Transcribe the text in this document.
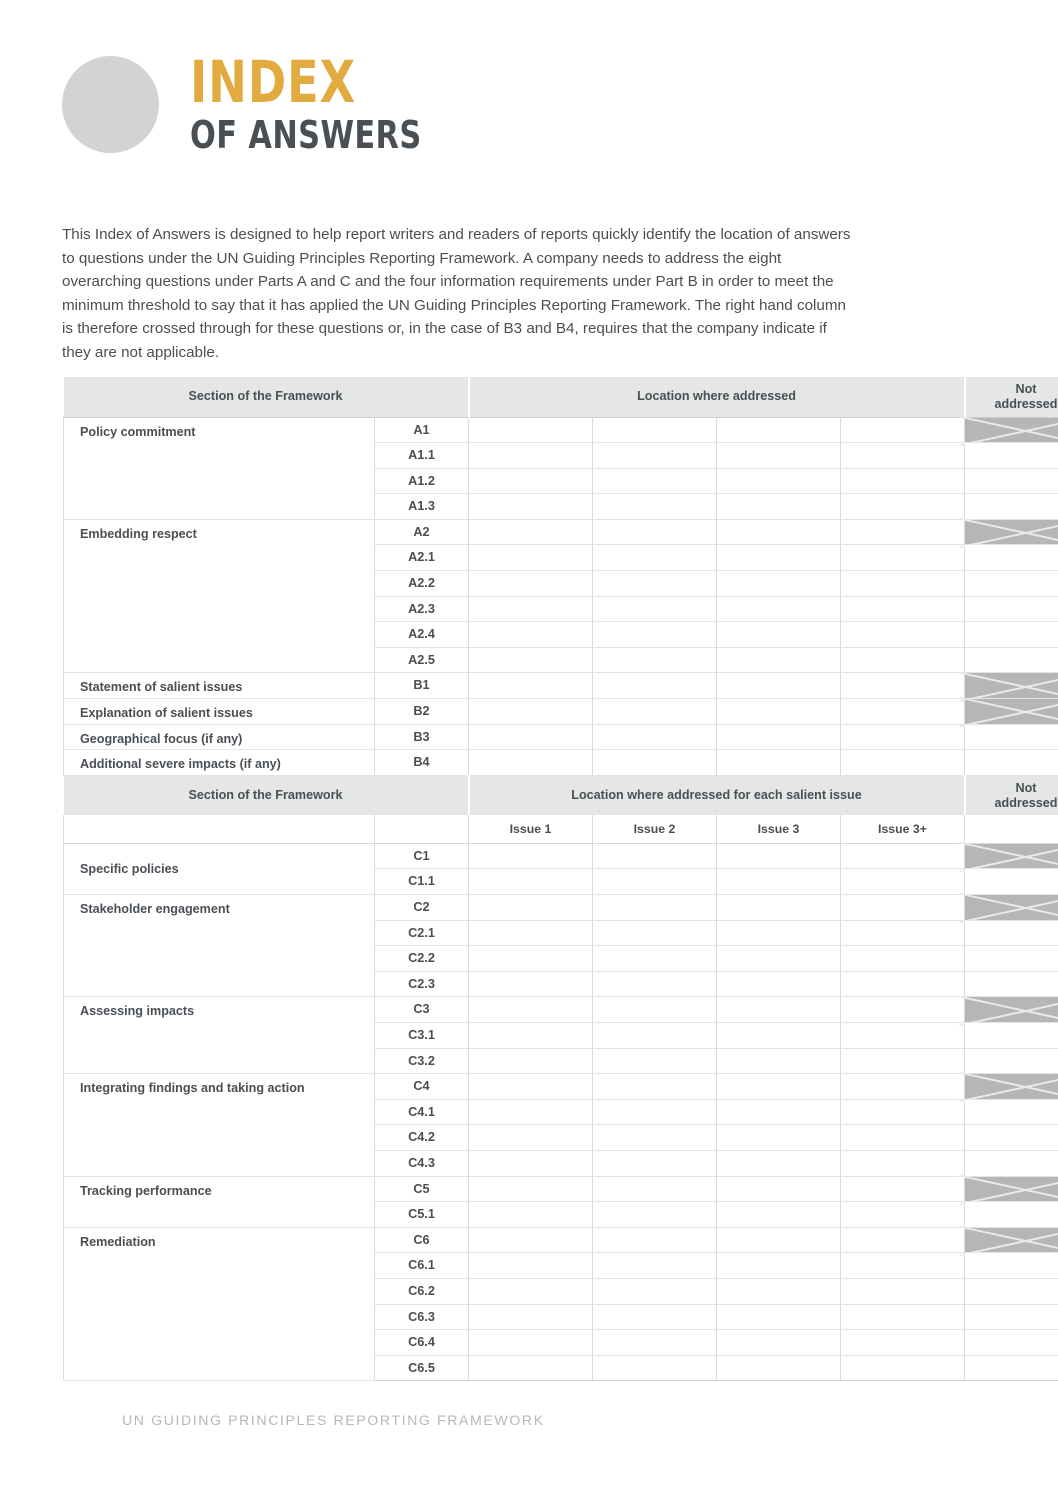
INDEX
OF ANSWERS

This Index of Answers is designed to help report writers and readers of reports quickly identify the location of answers to questions under the UN Guiding Principles Reporting Framework. A company needs to address the eight overarching questions under Parts A and C and the four information requirements under Part B in order to meet the minimum threshold to say that it has applied the UN Guiding Principles Reporting Framework. The right hand column is therefore crossed through for these questions or, in the case of B3 and B4, requires that the company indicate if they are not applicable.

Section of the Framework		Location where addressed				Not
addressed

Policy commitment	A1					

	A1.1					
	A1.2					
	A1.3					
Embedding respect	A2					

	A2.1					
	A2.2					
	A2.3					
	A2.4					
	A2.5					
Statement of salient issues	B1					

Explanation of salient issues	B2					

Geographical focus (if any)	B3					
Additional severe impacts (if any)	B4					
Section of the Framework		Location where addressed for each salient issue				Not
addressed

		Issue 1	Issue 2	Issue 3	Issue 3+	
Specific policies	C1					

	C1.1					
Stakeholder engagement	C2					

	C2.1					
	C2.2					
	C2.3					
Assessing impacts	C3					

	C3.1					
	C3.2					
Integrating findings and taking action	C4					

	C4.1					
	C4.2					
	C4.3					
Tracking performance	C5					

	C5.1					
Remediation	C6					

	C6.1					
	C6.2					
	C6.3					
	C6.4					
	C6.5					
UN GUIDING PRINCIPLES REPORTING FRAMEWORK
